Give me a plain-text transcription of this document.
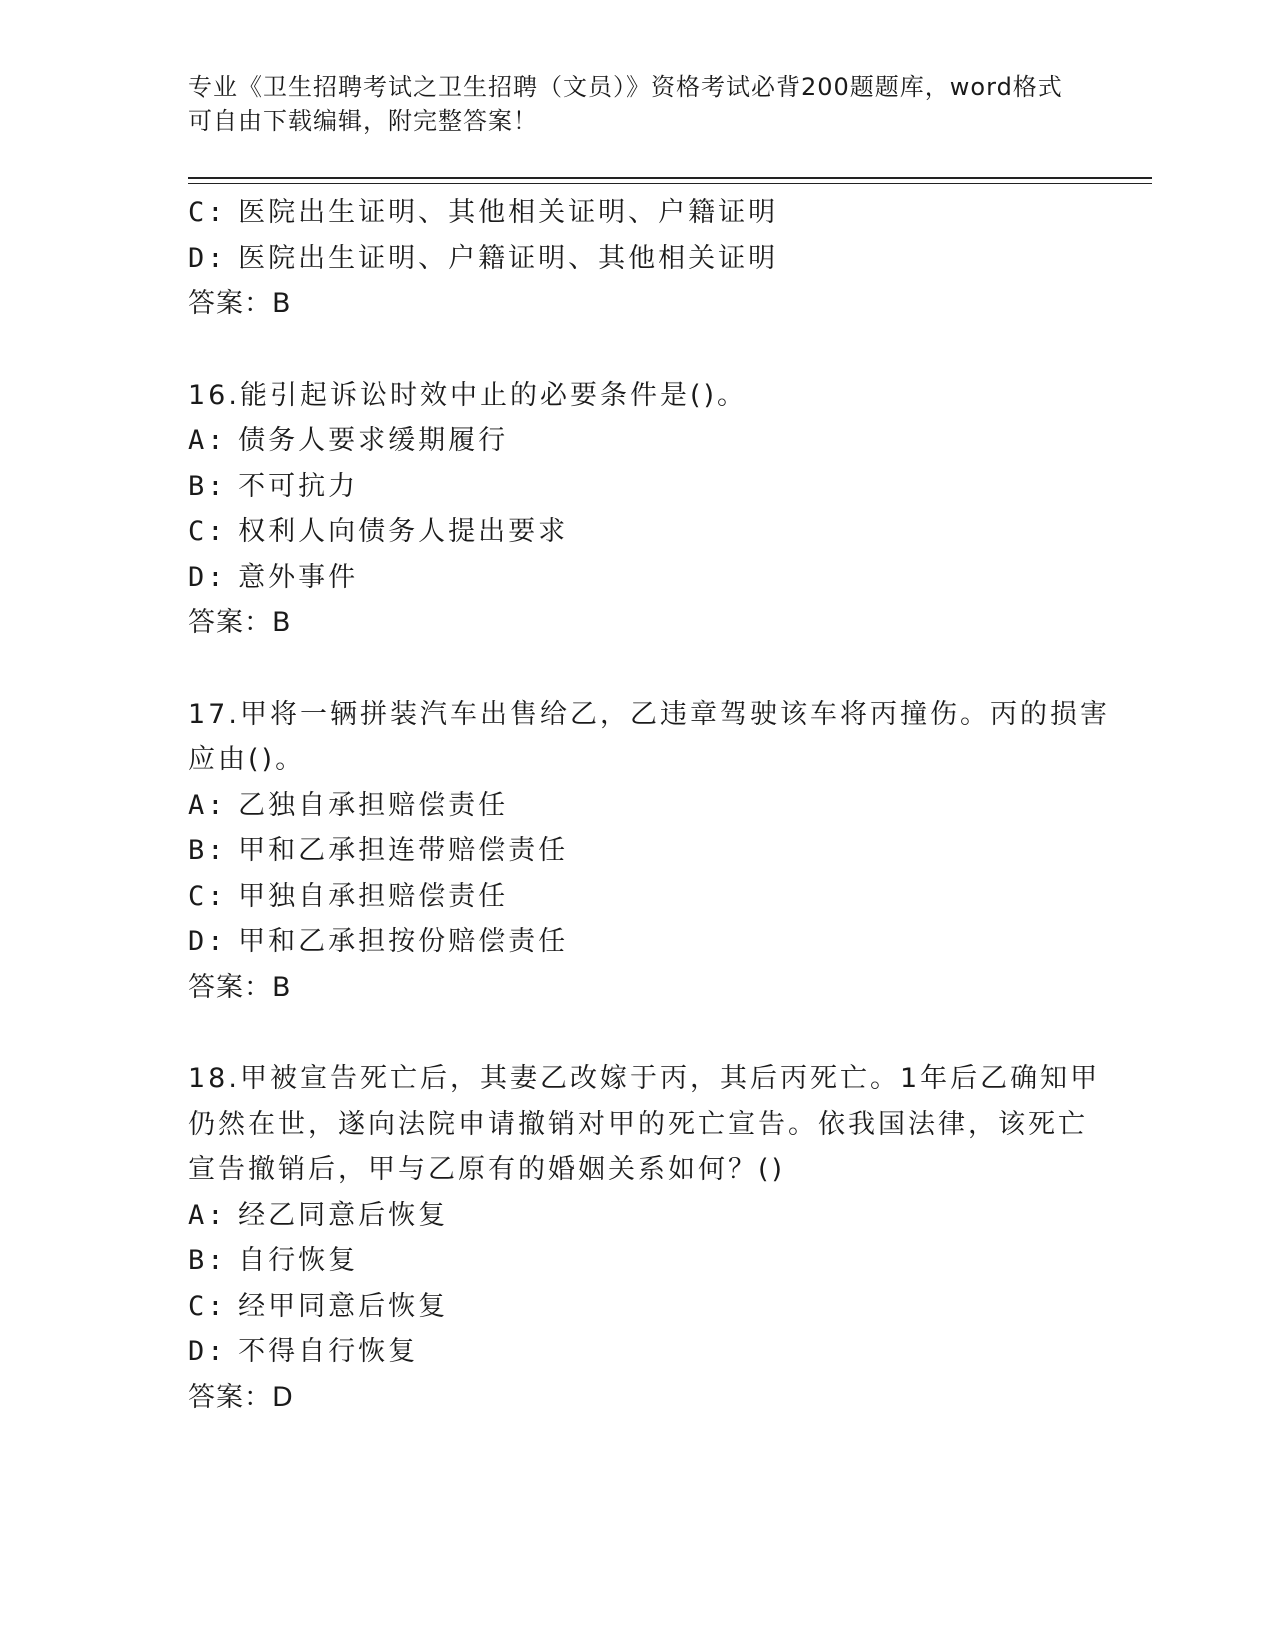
专业《卫生招聘考试之卫生招聘（文员）》资格考试必背200题题库，word格式
可自由下载编辑，附完整答案！
C: 医院出生证明、其他相关证明、户籍证明
D: 医院出生证明、户籍证明、其他相关证明
答案：B
16.能引起诉讼时效中止的必要条件是()。
A: 债务人要求缓期履行
B: 不可抗力
C: 权利人向债务人提出要求
D: 意外事件
答案：B
17.甲将一辆拼装汽车出售给乙，乙违章驾驶该车将丙撞伤。丙的损害
应由()。
A: 乙独自承担赔偿责任
B: 甲和乙承担连带赔偿责任
C: 甲独自承担赔偿责任
D: 甲和乙承担按份赔偿责任
答案：B
18.甲被宣告死亡后，其妻乙改嫁于丙，其后丙死亡。1年后乙确知甲
仍然在世，遂向法院申请撤销对甲的死亡宣告。依我国法律，该死亡
宣告撤销后，甲与乙原有的婚姻关系如何？()
A: 经乙同意后恢复
B: 自行恢复
C: 经甲同意后恢复
D: 不得自行恢复
答案：D
